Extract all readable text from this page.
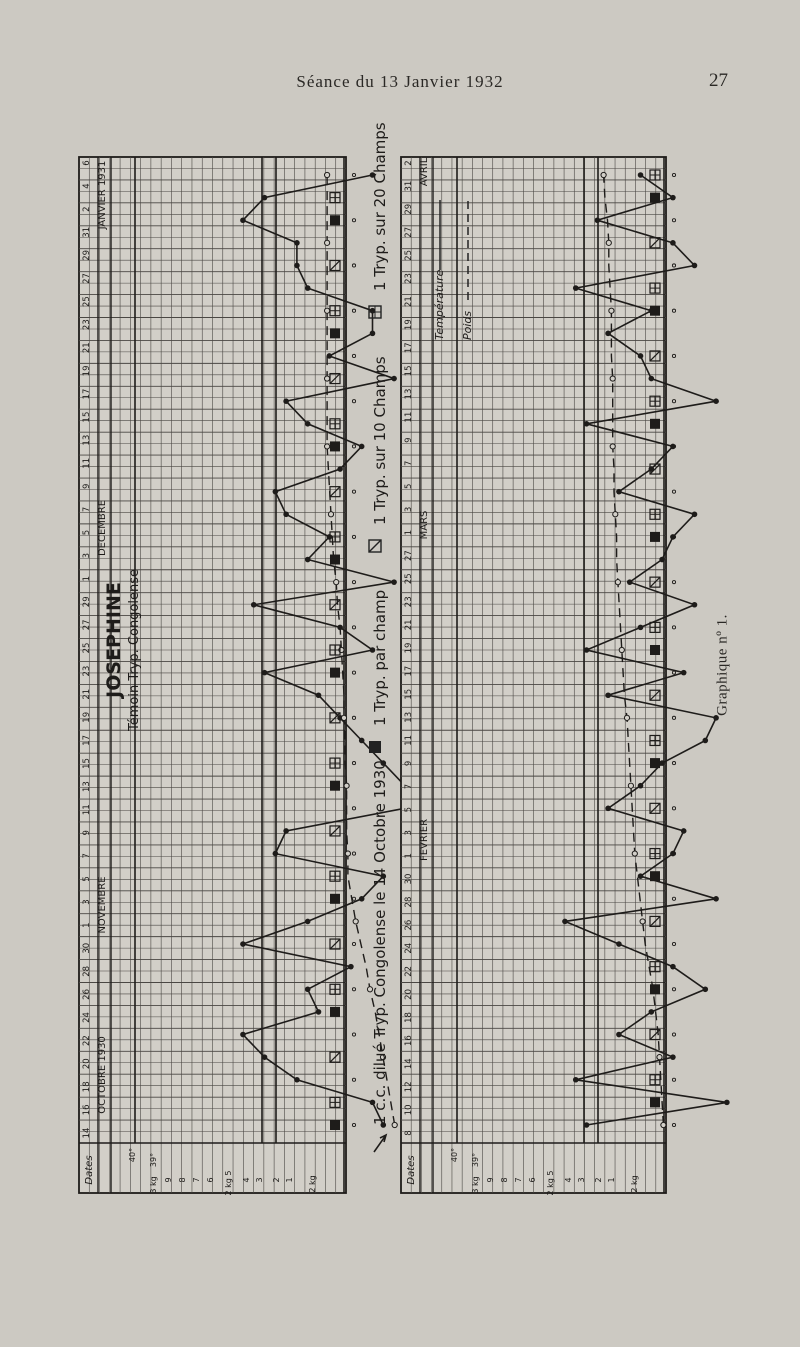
Séance du 13 Janvier 1932	27
14
16
18
20
22
24
26
28
30
1
3
5
7
9
11
13
15
17
19
21
23
25
27
29
1
3
5
7
9
11
13
15
17
19
21
23
25
27
29
31
2
4
6
OCTOBRE 1930
NOVEMBRE
DECEMBRE
JANVIER 1931
Dates
40°
3 kg
39°
9 8 7 6 2 kg 5 4 3 2 1 2 kg
8
10
12
14
16
18
20
22
24
26
28
30
1
3
5
7
9
11
13
15
17
19
21
23
25
27
1
3
5
7
9
11
13
15
17
19
21
23
25
27
29
31
2
FEVRIER
MARS
AVRIL
Dates
40°
3 kg
39°
9 8 7 6 2 kg 5 4 3 2 1 2 kg
JOSEPHINE Témoin Tryp. Congolense
1 c.c. dilué Tryp. Congolense le 14 Octobre 1930
1 Tryp. par champ
1 Tryp. sur 10 Champs
1 Tryp. sur 20 Champs
Température Poids
Graphique nº 1.
